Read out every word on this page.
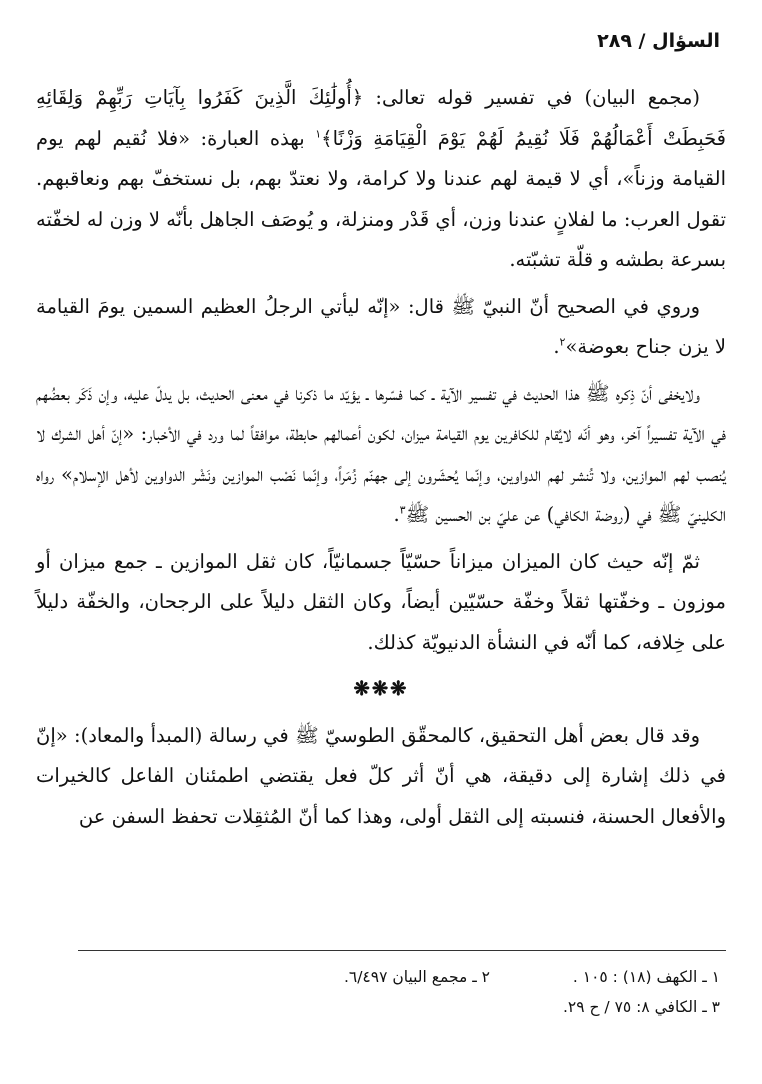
السؤال / ٢٨٩

(مجمع البيان) في تفسير قوله تعالى: ﴿أُولَٰئِكَ الَّذِينَ كَفَرُوا بِآيَاتِ رَبِّهِمْ وَلِقَائِهِ فَحَبِطَتْ أَعْمَالُهُمْ فَلَا نُقِيمُ لَهُمْ يَوْمَ الْقِيَامَةِ وَزْنًا﴾$^١$ بهذه العبارة: «فلا نُقيم لهم يوم القيامة وزناً»، أي لا قيمة لهم عندنا ولا كرامة، ولا نعتدّ بهم، بل نستخفّ بهم ونعاقبهم. تقول العرب: ما لفلانٍ عندنا وزن، أي قَدْر ومنزلة، و يُوصَف الجاهل بأنّه لا وزن له لخفّته بسرعة بطشه و قلّة تشبّته.

وروي في الصحيح أنّ النبيّ ﷺ قال: «إنّه ليأتي الرجلُ العظيم السمين يومَ القيامة لا يزن جناح بعوضة»$^٢$.

ولايخفى أنّ ذِكره ﷺ هذا الحديث في تفسير الآية ـ كما فسّرها ـ يؤيّد ما ذكرنا في معنى الحديث، بل يدلّ عليه، وإن ذَكَر بعضُهم في الآية تفسيراً آخر، وهو أنّه لايُقام للكافرين يوم القيامة ميزان، لكون أعمالهم حابطة، موافقاً لما ورد في الأخبار: «إنّ أهل الشرك لا يُنصب لهم الموازين، ولا تُنشر لهم الدواوين، وإنّما يُحشَرون إلى جهنّم زُمَراً، وإنّما نَصْب الموازين ونَشْر الدواوين لأهل الإسلام» رواه الكلينيّ ﷺ في (روضة الكافي) عن عليّ بن الحسين ﷺ$^٣$.

ثمّ إنّه حيث كان الميزان ميزاناً حسّيّاً جسمانيّاً، كان ثقل الموازين ـ جمع ميزان أو موزون ـ وخفّتها ثقلاً وخفّة حسّيّين أيضاً، وكان الثقل دليلاً على الرجحان، والخفّة دليلاً على خِلافه، كما أنّه في النشأة الدنيويّة كذلك.

❋❋❋

وقد قال بعض أهل التحقيق، كالمحقّق الطوسيّ ﷺ في رسالة (المبدأ والمعاد): «إنّ في ذلك إشارة إلى دقيقة، هي أنّ أثر كلّ فعل يقتضي اطمئنان الفاعل كالخيرات والأفعال الحسنة، فنسبته إلى الثقل أولى، وهذا كما أنّ المُثقِلات تحفظ السفن عن

١ ـ الكهف (١٨) : ١٠٥ .
٢ ـ مجمع البيان ٦/٤٩٧.
٣ ـ الكافي ٨: ٧٥ / ح ٢٩.
